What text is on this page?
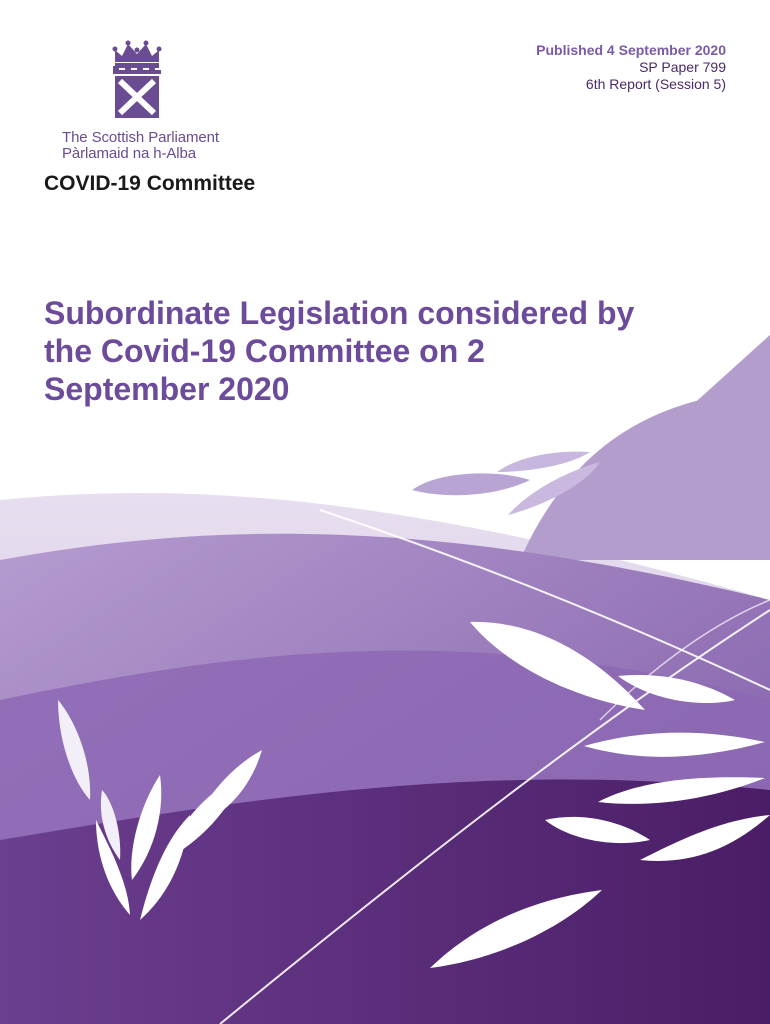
The Scottish Parliament
Pàrlamaid na h-Alba
Published 4 September 2020
SP Paper 799
6th Report (Session 5)
COVID-19 Committee
Subordinate Legislation considered by
the Covid-19 Committee on 2
September 2020
